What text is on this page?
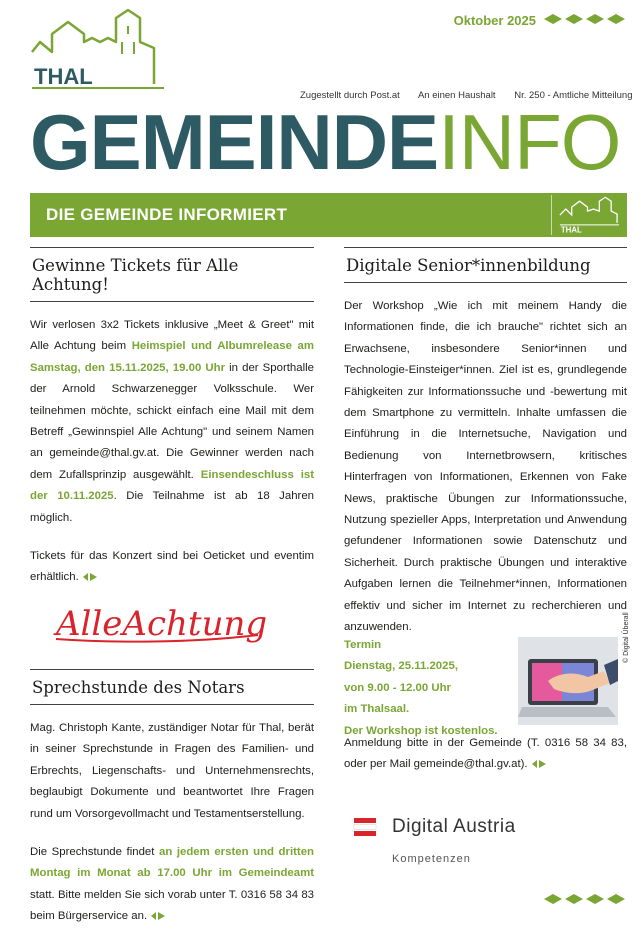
THAL
Oktober 2025
Zugestellt durch Post.at An einen Haushalt Nr. 250 - Amtliche Mitteilung
GEMEINDEINFO
DIE GEMEINDE INFORMIERT
THAL
Gewinne Tickets für Alle Achtung!

Wir verlosen 3x2 Tickets inklusive „Meet & Greet" mit Alle Achtung beim Heimspiel und Albumrelease am Samstag, den 15.11.2025, 19.00 Uhr in der Sporthalle der Arnold Schwarzenegger Volksschule. Wer teilnehmen möchte, schickt einfach eine Mail mit dem Betreff „Gewinnspiel Alle Achtung" und seinem Namen an gemeinde@thal.gv.at. Die Gewinner werden nach dem Zufallsprinzip ausgewählt. Einsendeschluss ist der 10.11.2025. Die Teilnahme ist ab 18 Jahren möglich.

Tickets für das Konzert sind bei Oeticket und eventim erhältlich.

AlleAchtung
Sprechstunde des Notars

Mag. Christoph Kante, zuständiger Notar für Thal, berät in seiner Sprechstunde in Fragen des Familien- und Erbrechts, Liegenschafts- und Unternehmensrechts, beglaubigt Dokumente und beantwortet Ihre Fragen rund um Vorsorgevollmacht und Testamentserstellung.

Die Sprechstunde findet an jedem ersten und dritten Montag im Monat ab 17.00 Uhr im Gemeindeamt statt. Bitte melden Sie sich vorab unter T. 0316 58 34 83 beim Bürgerservice an.

Digitale Senior*innenbildung

Der Workshop „Wie ich mit meinem Handy die Informationen finde, die ich brauche" richtet sich an Erwachsene, insbesondere Senior*innen und Technologie-Einsteiger*innen. Ziel ist es, grundlegende Fähigkeiten zur Informationssuche und -bewertung mit dem Smartphone zu vermitteln. Inhalte umfassen die Einführung in die Internetsuche, Navigation und Bedienung von Internetbrowsern, kritisches Hinterfragen von Informationen, Erkennen von Fake News, praktische Übungen zur Informationssuche, Nutzung spezieller Apps, Interpretation und Anwendung gefundener Informationen sowie Datenschutz und Sicherheit. Durch praktische Übungen und interaktive Aufgaben lernen die Teilnehmer*innen, Informationen effektiv und sicher im Internet zu recherchieren und anzuwenden.

Termin
Dienstag, 25.11.2025,
von 9.00 - 12.00 Uhr
im Thalsaal.
Der Workshop ist kostenlos.
© Digital Überall
Anmeldung bitte in der Gemeinde (T. 0316 58 34 83, oder per Mail gemeinde@thal.gv.at).
Digital Austria
Kompetenzen
